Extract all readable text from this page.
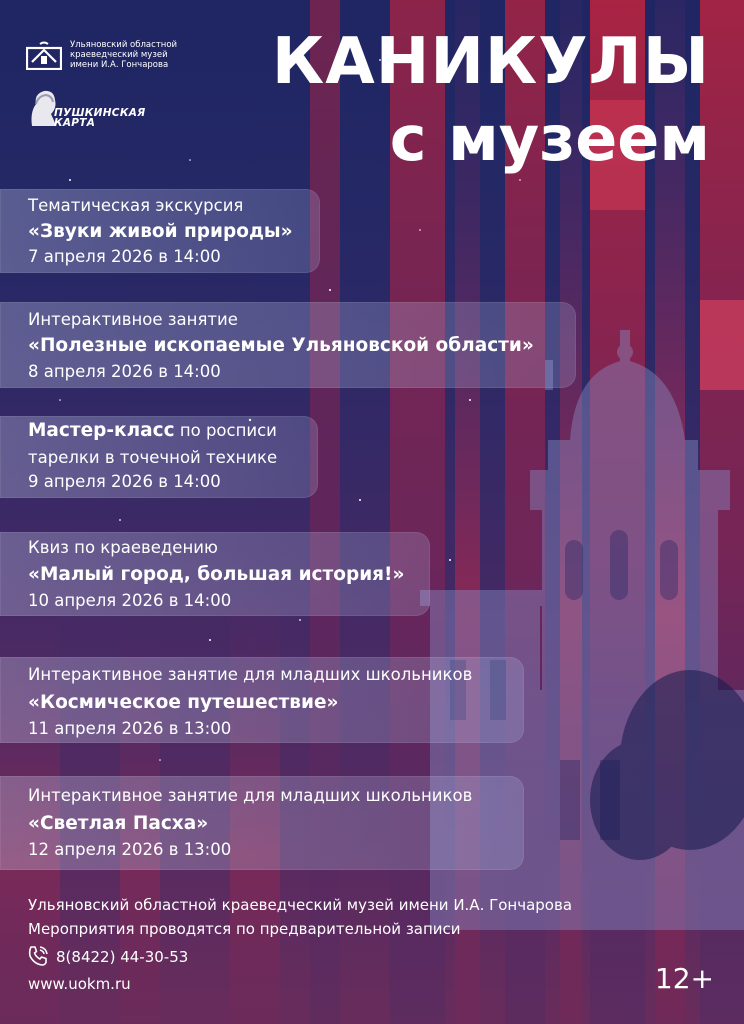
Ульяновский областной
краеведческий музей
имени И.А. Гончарова
ПУШКИНСКАЯ
КАРТА
КАНИКУЛЫ
с музеем
Тематическая экскурсия
«Звуки живой природы»
7 апреля 2026 в 14:00
Интерактивное занятие
«Полезные ископаемые Ульяновской области»
8 апреля 2026 в 14:00
Мастер-класс по росписи
тарелки в точечной технике
9 апреля 2026 в 14:00
Квиз по краеведению
«Малый город, большая история!»
10 апреля 2026 в 14:00
Интерактивное занятие для младших школьников
«Космическое путешествие»
11 апреля 2026 в 13:00
Интерактивное занятие для младших школьников
«Светлая Пасха»
12 апреля 2026 в 13:00
Ульяновский областной краеведческий музей имени И.А. Гончарова
Мероприятия проводятся по предварительной записи
8(8422) 44-30-53
www.uokm.ru	12+
